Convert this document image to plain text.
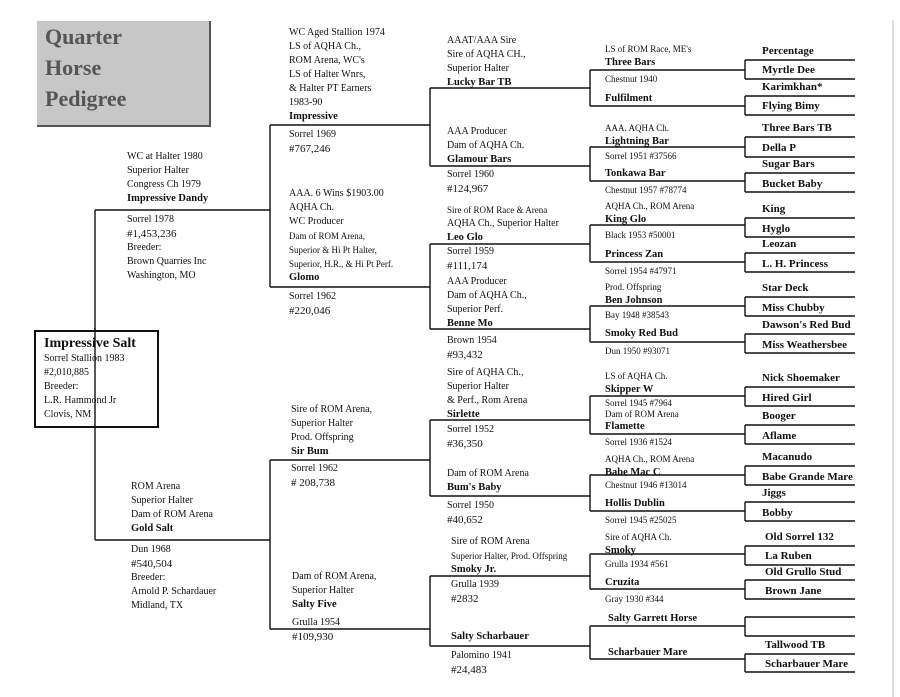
Quarter
Horse
Pedigree
Impressive Salt
Sorrel Stallion 1983
#2,010,885
Breeder:
L.R. Hammond Jr
Clovis, NM
WC at Halter 1980
Superior Halter
Congress Ch 1979
Impressive Dandy
Sorrel 1978
#1,453,236
Breeder:
Brown Quarries Inc
Washington, MO
ROM Arena
Superior Halter
Dam of ROM Arena
Gold Salt
Dun 1968
#540,504
Breeder:
Arnold P. Schardauer
Midland, TX
WC Aged Stallion 1974
LS of AQHA Ch.,
ROM Arena, WC's
LS of Halter Wnrs,
& Halter PT Earners
1983-90
Impressive
Sorrel 1969
#767,246
AAA. 6 Wins $1903.00
AQHA Ch.
WC Producer
Dam of ROM Arena,
Superior & Hi Pt Halter,
Superior, H.R., & Hi Pt Perf.
Glomo
Sorrel 1962
#220,046
Sire of ROM Arena,
Superior Halter
Prod. Offspring
Sir Bum
Sorrel 1962
# 208,738
Dam of ROM Arena,
Superior Halter
Salty Five
Grulla 1954
#109,930
AAAT/AAA Sire
Sire of AQHA CH.,
Superior Halter
Lucky Bar TB
AAA Producer
Dam of AQHA Ch.
Glamour Bars
Sorrel 1960
#124,967
Sire of ROM Race & Arena
AQHA Ch., Superior Halter
Leo Glo
Sorrel 1959
#111,174
AAA Producer
Dam of AQHA Ch.,
Superior Perf.
Benne Mo
Brown 1954
#93,432
Sire of AQHA Ch.,
Superior Halter
& Perf., Rom Arena
Sirlette
Sorrel 1952
#36,350
Dam of ROM Arena
Bum's Baby
Sorrel 1950
#40,652
Sire of ROM Arena
Superior Halter, Prod. Offspring
Smoky Jr.
Grulla 1939
#2832
Salty Scharbauer
Palomino 1941
#24,483
LS of ROM Race, ME's
Three Bars
Chestnut 1940
Fulfilment
AAA. AQHA Ch.
Lightning Bar
Sorrel 1951 #37566
Tonkawa Bar
Chestnut 1957 #78774
AQHA Ch., ROM Arena
King Glo
Black 1953 #50001
Princess Zan
Sorrel 1954 #47971
Prod. Offspring
Ben Johnson
Bay 1948 #38543
Smoky Red Bud
Dun 1950 #93071
LS of AQHA Ch.
Skipper W
Sorrel 1945 #7964
Dam of ROM Arena
Flamette
Sorrel 1936 #1524
AQHA Ch., ROM Arena
Babe Mac C
Chestnut 1946 #13014
Hollis Dublin
Sorrel 1945 #25025
Sire of AQHA Ch.
Smoky
Grulla 1934 #561
Cruzita
Gray 1930 #344
Salty Garrett Horse
Scharbauer Mare
Percentage
Myrtle Dee
Karimkhan*
Flying Bimy
Three Bars TB
Della P
Sugar Bars
Bucket Baby
King
Hyglo
Leozan
L. H. Princess
Star Deck
Miss Chubby
Dawson's Red Bud
Miss Weathersbee
Nick Shoemaker
Hired Girl
Booger
Aflame
Macanudo
Babe Grande Mare
Jiggs
Bobby
Old Sorrel 132
La Ruben
Old Grullo Stud
Brown Jane
Tallwood TB
Scharbauer Mare
